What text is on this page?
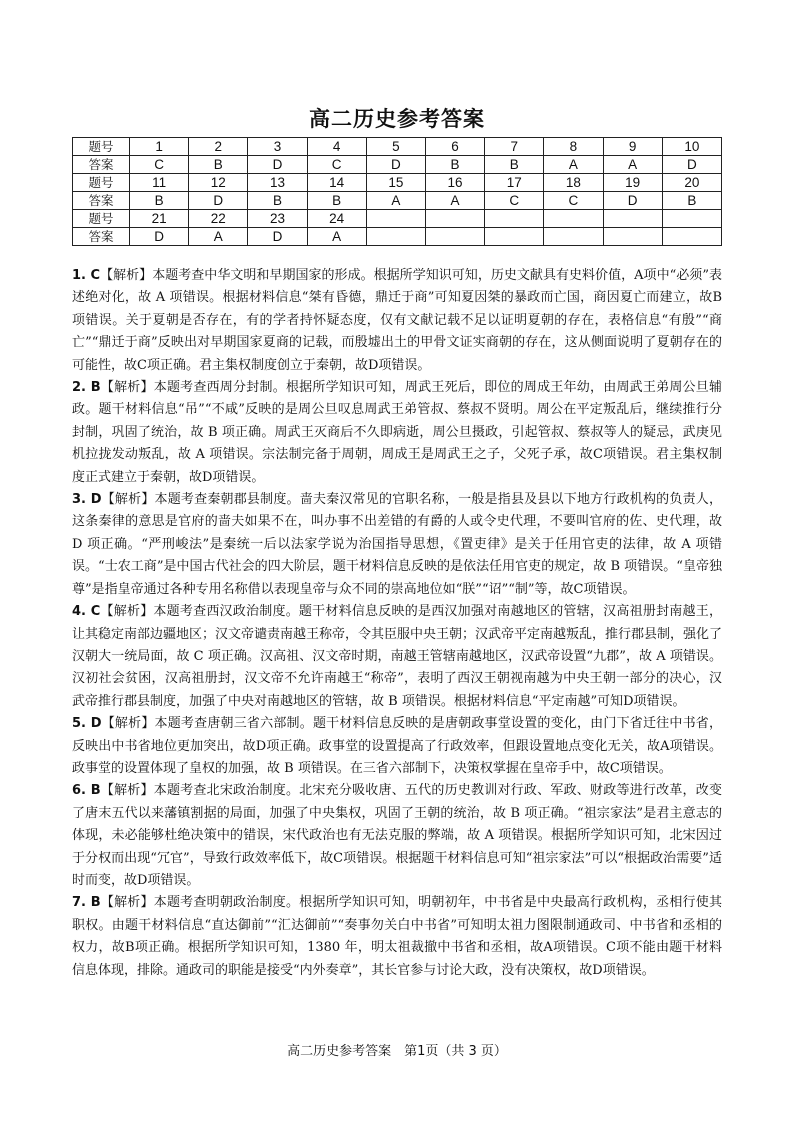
高二历史参考答案
题号	1	2	3	4	5	6	7	8	9	10
答案	C	B	D	C	D	B	B	A	A	D
题号	11	12	13	14	15	16	17	18	19	20
答案	B	D	B	B	A	A	C	C	D	B
题号	21	22	23	24						
答案	D	A	D	A						

1. C【解析】本题考查中华文明和早期国家的形成。根据所学知识可知，历史文献具有史料价值，A项中“必须”表述绝对化，故 A 项错误。根据材料信息“桀有昏德，鼎迁于商”可知夏因桀的暴政而亡国，商因夏亡而建立，故B项错误。关于夏朝是否存在，有的学者持怀疑态度，仅有文献记载不足以证明夏朝的存在，表格信息“有殷”“商亡”“鼎迁于商”反映出对早期国家夏商的记载，而殷墟出土的甲骨文证实商朝的存在，这从侧面说明了夏朝存在的可能性，故C项正确。君主集权制度创立于秦朝，故D项错误。

2. B【解析】本题考查西周分封制。根据所学知识可知，周武王死后，即位的周成王年幼，由周武王弟周公旦辅政。题干材料信息“吊”“不咸”反映的是周公旦叹息周武王弟管叔、蔡叔不贤明。周公在平定叛乱后，继续推行分封制，巩固了统治，故 B 项正确。周武王灭商后不久即病逝，周公旦摄政，引起管叔、蔡叔等人的疑忌，武庚见机拉拢发动叛乱，故 A 项错误。宗法制完备于周朝，周成王是周武王之子，父死子承，故C项错误。君主集权制度正式建立于秦朝，故D项错误。

3. D【解析】本题考查秦朝郡县制度。啬夫秦汉常见的官职名称，一般是指县及县以下地方行政机构的负责人，这条秦律的意思是官府的啬夫如果不在，叫办事不出差错的有爵的人或令史代理，不要叫官府的佐、史代理，故 D 项正确。“严刑峻法”是秦统一后以法家学说为治国指导思想，《置吏律》是关于任用官吏的法律，故 A 项错误。“士农工商”是中国古代社会的四大阶层，题干材料信息反映的是依法任用官吏的规定，故 B 项错误。“皇帝独尊”是指皇帝通过各种专用名称借以表现皇帝与众不同的崇高地位如“朕”“诏”“制”等，故C项错误。

4. C【解析】本题考查西汉政治制度。题干材料信息反映的是西汉加强对南越地区的管辖，汉高祖册封南越王，让其稳定南部边疆地区；汉文帝谴责南越王称帝，令其臣服中央王朝；汉武帝平定南越叛乱，推行郡县制，强化了汉朝大一统局面，故 C 项正确。汉高祖、汉文帝时期，南越王管辖南越地区，汉武帝设置“九郡”，故 A 项错误。汉初社会贫困，汉高祖册封，汉文帝不允许南越王“称帝”，表明了西汉王朝视南越为中央王朝一部分的决心，汉武帝推行郡县制度，加强了中央对南越地区的管辖，故 B 项错误。根据材料信息“平定南越”可知D项错误。

5. D【解析】本题考查唐朝三省六部制。题干材料信息反映的是唐朝政事堂设置的变化，由门下省迁往中书省，反映出中书省地位更加突出，故D项正确。政事堂的设置提高了行政效率，但跟设置地点变化无关，故A项错误。政事堂的设置体现了皇权的加强，故 B 项错误。在三省六部制下，决策权掌握在皇帝手中，故C项错误。

6. B【解析】本题考查北宋政治制度。北宋充分吸收唐、五代的历史教训对行政、军政、财政等进行改革，改变了唐末五代以来藩镇割据的局面，加强了中央集权，巩固了王朝的统治，故 B 项正确。“祖宗家法”是君主意志的体现，未必能够杜绝决策中的错误，宋代政治也有无法克服的弊端，故 A 项错误。根据所学知识可知，北宋因过于分权而出现“冗官”，导致行政效率低下，故C项错误。根据题干材料信息可知“祖宗家法”可以“根据政治需要”适时而变，故D项错误。

7. B【解析】本题考查明朝政治制度。根据所学知识可知，明朝初年，中书省是中央最高行政机构，丞相行使其职权。由题干材料信息“直达御前”“汇达御前”“奏事勿关白中书省”可知明太祖力图限制通政司、中书省和丞相的权力，故B项正确。根据所学知识可知，1380 年，明太祖裁撤中书省和丞相，故A项错误。C项不能由题干材料信息体现，排除。通政司的职能是接受“内外奏章”，其长官参与讨论大政，没有决策权，故D项错误。

高二历史参考答案　第1页（共 3 页）
